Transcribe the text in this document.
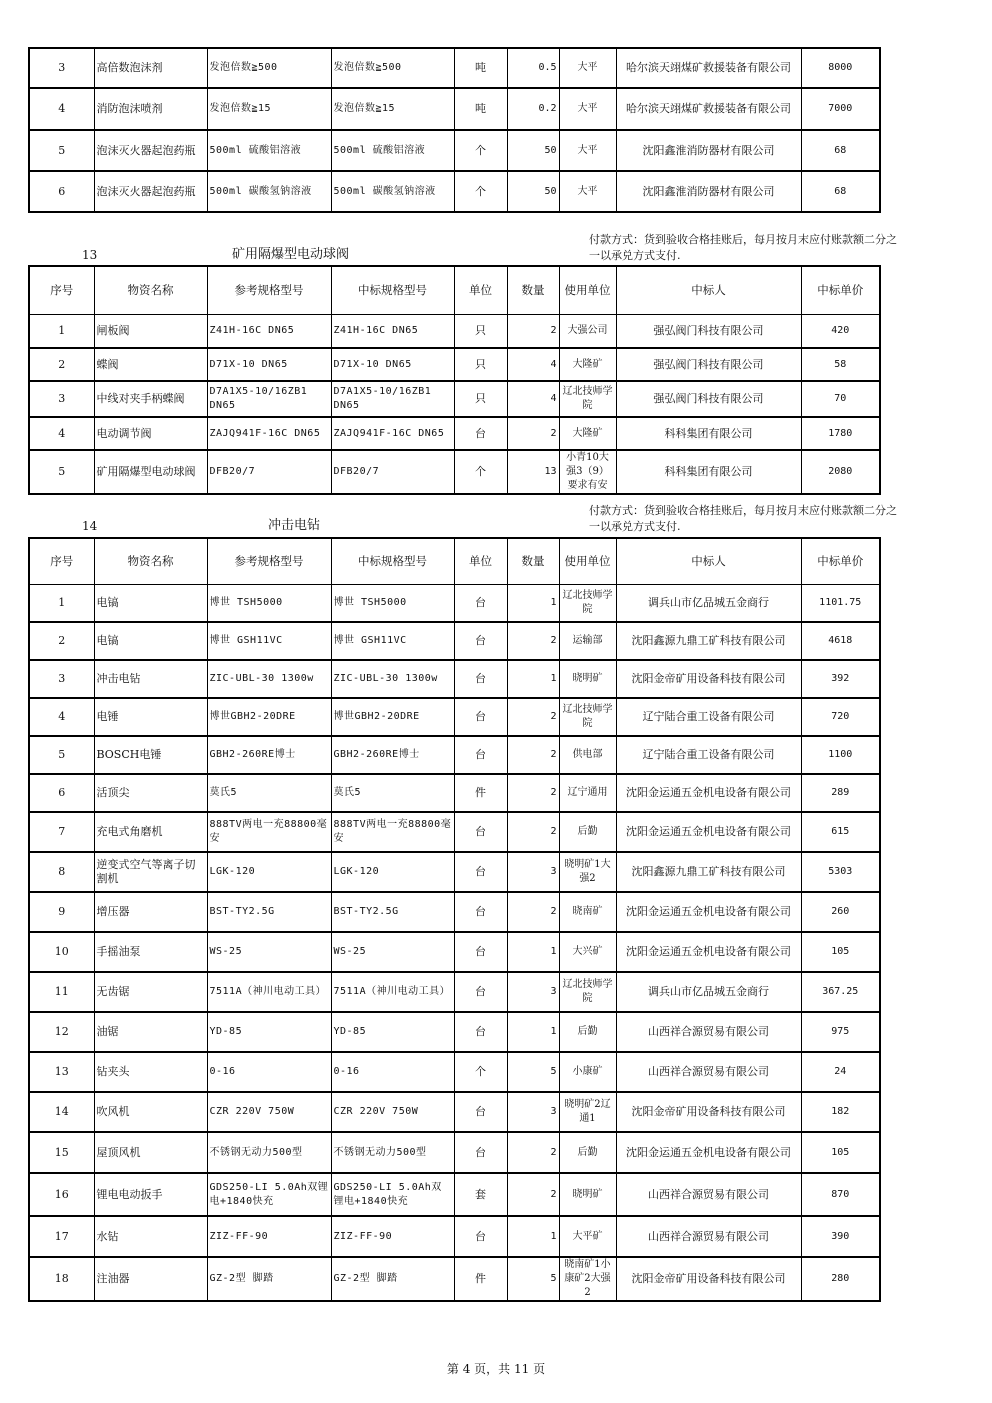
3	高倍数泡沫剂	发泡倍数≧500	发泡倍数≧500	吨	0.5	大平	哈尔滨天翊煤矿救援装备有限公司	8000
4	消防泡沫喷剂	发泡倍数≧15	发泡倍数≧15	吨	0.2	大平	哈尔滨天翊煤矿救援装备有限公司	7000
5	泡沫灭火器起泡药瓶	500ml 硫酸铝溶液	500ml 硫酸铝溶液	个	50	大平	沈阳鑫淮消防器材有限公司	68
6	泡沫灭火器起泡药瓶	500ml 碳酸氢钠溶液	500ml 碳酸氢钠溶液	个	50	大平	沈阳鑫淮消防器材有限公司	68
13	矿用隔爆型电动球阀
付款方式：货到验收合格挂账后，每月按月末应付账款额二分之一以承兑方式支付.
序号	物资名称	参考规格型号	中标规格型号	单位	数量	使用单位	中标人	中标单价
1	闸板阀	Z41H-16C DN65	Z41H-16C DN65	只	2	大强公司	强弘阀门科技有限公司	420
2	蝶阀	D71X-10 DN65	D71X-10 DN65	只	4	大隆矿	强弘阀门科技有限公司	58
3	中线对夹手柄蝶阀	D7A1X5-10/16ZB1 DN65	D7A1X5-10/16ZB1 DN65	只	4	辽北技师学院	强弘阀门科技有限公司	70
4	电动调节阀	ZAJQ941F-16C DN65	ZAJQ941F-16C DN65	台	2	大隆矿	科科集团有限公司	1780
5	矿用隔爆型电动球阀	DFB20/7	DFB20/7	个	13	小青10大强3（9）要求有安	科科集团有限公司	2080
14	冲击电钻
付款方式：货到验收合格挂账后，每月按月末应付账款额二分之一以承兑方式支付.
序号	物资名称	参考规格型号	中标规格型号	单位	数量	使用单位	中标人	中标单价
1	电镐	博世 TSH5000	博世 TSH5000	台	1	辽北技师学院	调兵山市亿品城五金商行	1101.75
2	电镐	博世 GSH11VC	博世 GSH11VC	台	2	运输部	沈阳鑫源九鼎工矿科技有限公司	4618
3	冲击电钻	ZIC-UBL-30 1300w	ZIC-UBL-30 1300w	台	1	晓明矿	沈阳金帝矿用设备科技有限公司	392
4	电锤	博世GBH2-20DRE	博世GBH2-20DRE	台	2	辽北技师学院	辽宁陆合重工设备有限公司	720
5	BOSCH电锤	GBH2-260RE博士	GBH2-260RE博士	台	2	供电部	辽宁陆合重工设备有限公司	1100
6	活顶尖	莫氏5	莫氏5	件	2	辽宁通用	沈阳金运通五金机电设备有限公司	289
7	充电式角磨机	888TV两电一充88800毫安	888TV两电一充88800毫安	台	2	后勤	沈阳金运通五金机电设备有限公司	615
8	逆变式空气等离子切割机	LGK-120	LGK-120	台	3	晓明矿1大强2	沈阳鑫源九鼎工矿科技有限公司	5303
9	增压器	BST-TY2.5G	BST-TY2.5G	台	2	晓南矿	沈阳金运通五金机电设备有限公司	260
10	手摇油泵	WS-25	WS-25	台	1	大兴矿	沈阳金运通五金机电设备有限公司	105
11	无齿锯	7511A（神川电动工具）	7511A（神川电动工具）	台	3	辽北技师学院	调兵山市亿品城五金商行	367.25
12	油锯	YD-85	YD-85	台	1	后勤	山西祥合源贸易有限公司	975
13	钻夹头	0-16	0-16	个	5	小康矿	山西祥合源贸易有限公司	24
14	吹风机	CZR 220V 750W	CZR 220V 750W	台	3	晓明矿2辽通1	沈阳金帝矿用设备科技有限公司	182
15	屋顶风机	不锈钢无动力500型	不锈钢无动力500型	台	2	后勤	沈阳金运通五金机电设备有限公司	105
16	锂电电动扳手	GDS250-LI 5.0Ah双锂电+1840快充	GDS250-LI 5.0Ah双锂电+1840快充	套	2	晓明矿	山西祥合源贸易有限公司	870
17	水钻	ZIZ-FF-90	ZIZ-FF-90	台	1	大平矿	山西祥合源贸易有限公司	390
18	注油器	GZ-2型 脚踏	GZ-2型 脚踏	件	5	晓南矿1小康矿2大强2	沈阳金帝矿用设备科技有限公司	280
第 4 页，共 11 页
